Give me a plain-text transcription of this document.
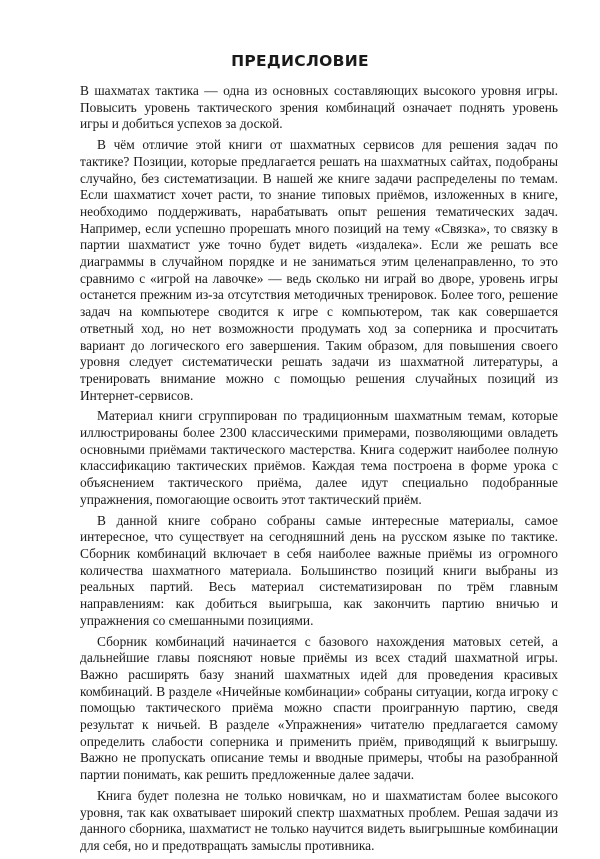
ПРЕДИСЛОВИЕ

В шахматах тактика — одна из основных составляющих высокого уровня игры. Повысить уровень тактического зрения комбинаций означает поднять уровень игры и добиться успехов за доской.

В чём отличие этой книги от шахматных сервисов для решения задач по тактике? Позиции, которые предлагается решать на шахматных сайтах, подобраны случайно, без систематизации. В нашей же книге задачи распределены по темам. Если шахматист хочет расти, то знание типовых приёмов, изложенных в книге, необходимо поддерживать, нарабатывать опыт решения тематических задач. Например, если успешно прорешать много позиций на тему «Связка», то связку в партии шахматист уже точно будет видеть «издалека». Если же решать все диаграммы в случайном порядке и не заниматься этим целенаправленно, то это сравнимо с «игрой на лавочке» — ведь сколько ни играй во дворе, уровень игры останется прежним из-за отсутствия методичных тренировок. Более того, решение задач на компьютере сводится к игре с компьютером, так как совершается ответный ход, но нет возможности продумать ход за соперника и просчитать вариант до логического его завершения. Таким образом, для повышения своего уровня следует систематически решать задачи из шахматной литературы, а тренировать внимание можно с помощью решения случайных позиций из Интернет-сервисов.

Материал книги сгруппирован по традиционным шахматным темам, которые иллюстрированы более 2300 классическими примерами, позволяющими овладеть основными приёмами тактического мастерства. Книга содержит наиболее полную классификацию тактических приёмов. Каждая тема построена в форме урока с объяснением тактического приёма, далее идут специально подобранные упражнения, помогающие освоить этот тактический приём.

В данной книге собрано собраны самые интересные материалы, самое интересное, что существует на сегодняшний день на русском языке по тактике. Сборник комбинаций включает в себя наиболее важные приёмы из огромного количества шахматного материала. Большинство позиций книги выбраны из реальных партий. Весь материал систематизирован по трём главным направлениям: как добиться выигрыша, как закончить партию вничью и упражнения со смешанными позициями.

Сборник комбинаций начинается с базового нахождения матовых сетей, а дальнейшие главы поясняют новые приёмы из всех стадий шахматной игры. Важно расширять базу знаний шахматных идей для проведения красивых комбинаций. В разделе «Ничейные комбинации» собраны ситуации, когда игроку с помощью тактического приёма можно спасти проигранную партию, сведя результат к ничьей. В разделе «Упражнения» читателю предлагается самому определить слабости соперника и применить приём, приводящий к выигрышу. Важно не пропускать описание темы и вводные примеры, чтобы на разобранной партии понимать, как решить предложенные далее задачи.

Книга будет полезна не только новичкам, но и шахматистам более высокого уровня, так как охватывает широкий спектр шахматных проблем. Решая задачи из данного сборника, шахматист не только научится видеть выигрышные комбинации для себя, но и предотвращать замыслы противника.
